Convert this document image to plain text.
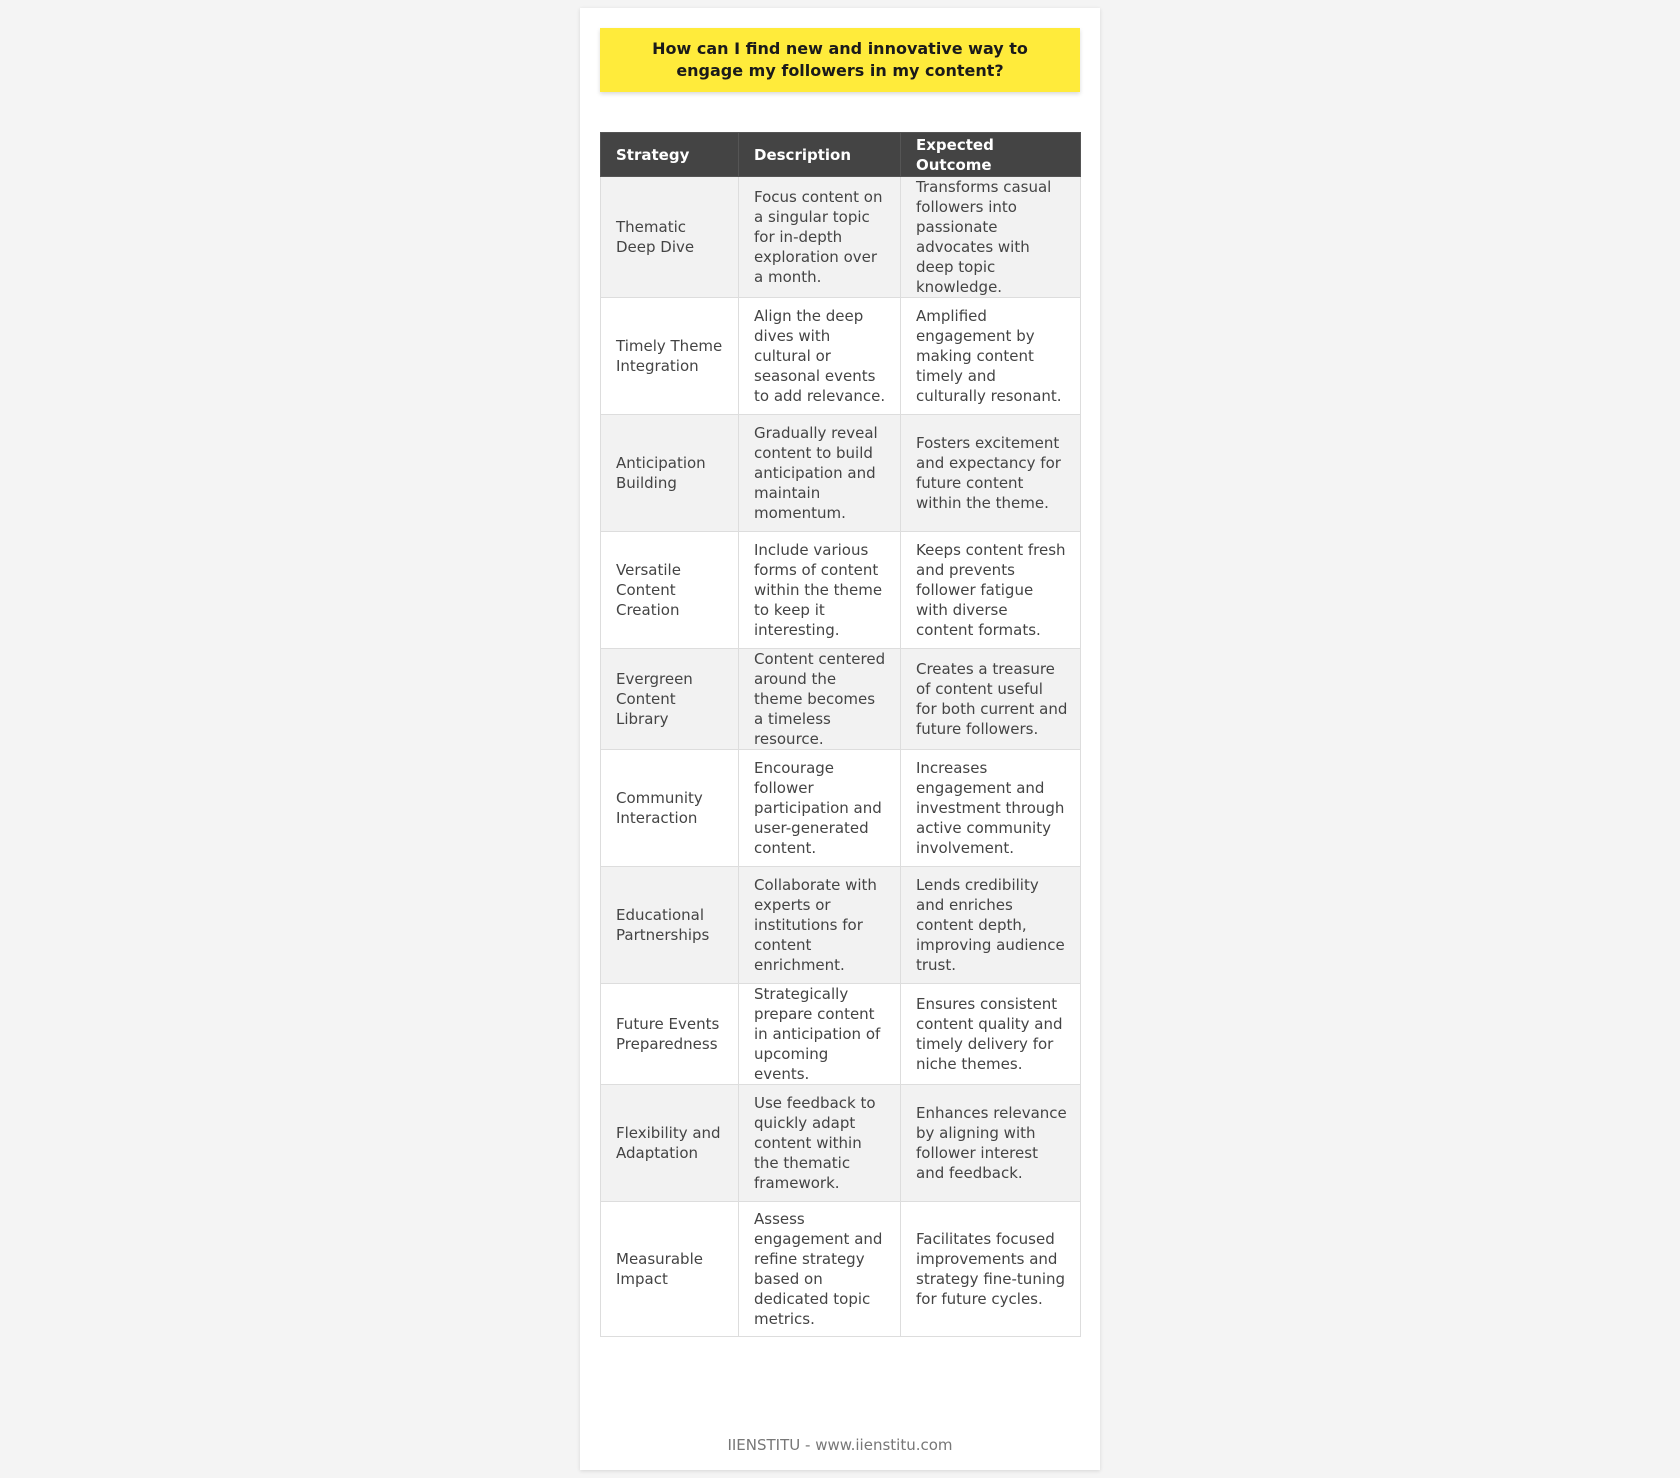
How can I find new and innovative way to engage my followers in my content?
Strategy	Description	Expected Outcome
Thematic Deep Dive	Focus content on a singular topic for in-depth exploration over a month.	Transforms casual followers into passionate advocates with deep topic knowledge.
Timely Theme Integration	Align the deep dives with cultural or seasonal events to add relevance.	Amplified engagement by making content timely and culturally resonant.
Anticipation Building	Gradually reveal content to build anticipation and maintain momentum.	Fosters excitement and expectancy for future content within the theme.
Versatile Content Creation	Include various forms of content within the theme to keep it interesting.	Keeps content fresh and prevents follower fatigue with diverse content formats.
Evergreen Content Library	Content centered around the theme becomes a timeless resource.	Creates a treasure of content useful for both current and future followers.
Community Interaction	Encourage follower participation and user-generated content.	Increases engagement and investment through active community involvement.
Educational Partnerships	Collaborate with experts or institutions for content enrichment.	Lends credibility and enriches content depth, improving audience trust.
Future Events Preparedness	Strategically prepare content in anticipation of upcoming events.	Ensures consistent content quality and timely delivery for niche themes.
Flexibility and Adaptation	Use feedback to quickly adapt content within the thematic framework.	Enhances relevance by aligning with follower interest and feedback.
Measurable Impact	Assess engagement and refine strategy based on dedicated topic metrics.	Facilitates focused improvements and strategy fine-tuning for future cycles.
IIENSTITU - www.iienstitu.com
